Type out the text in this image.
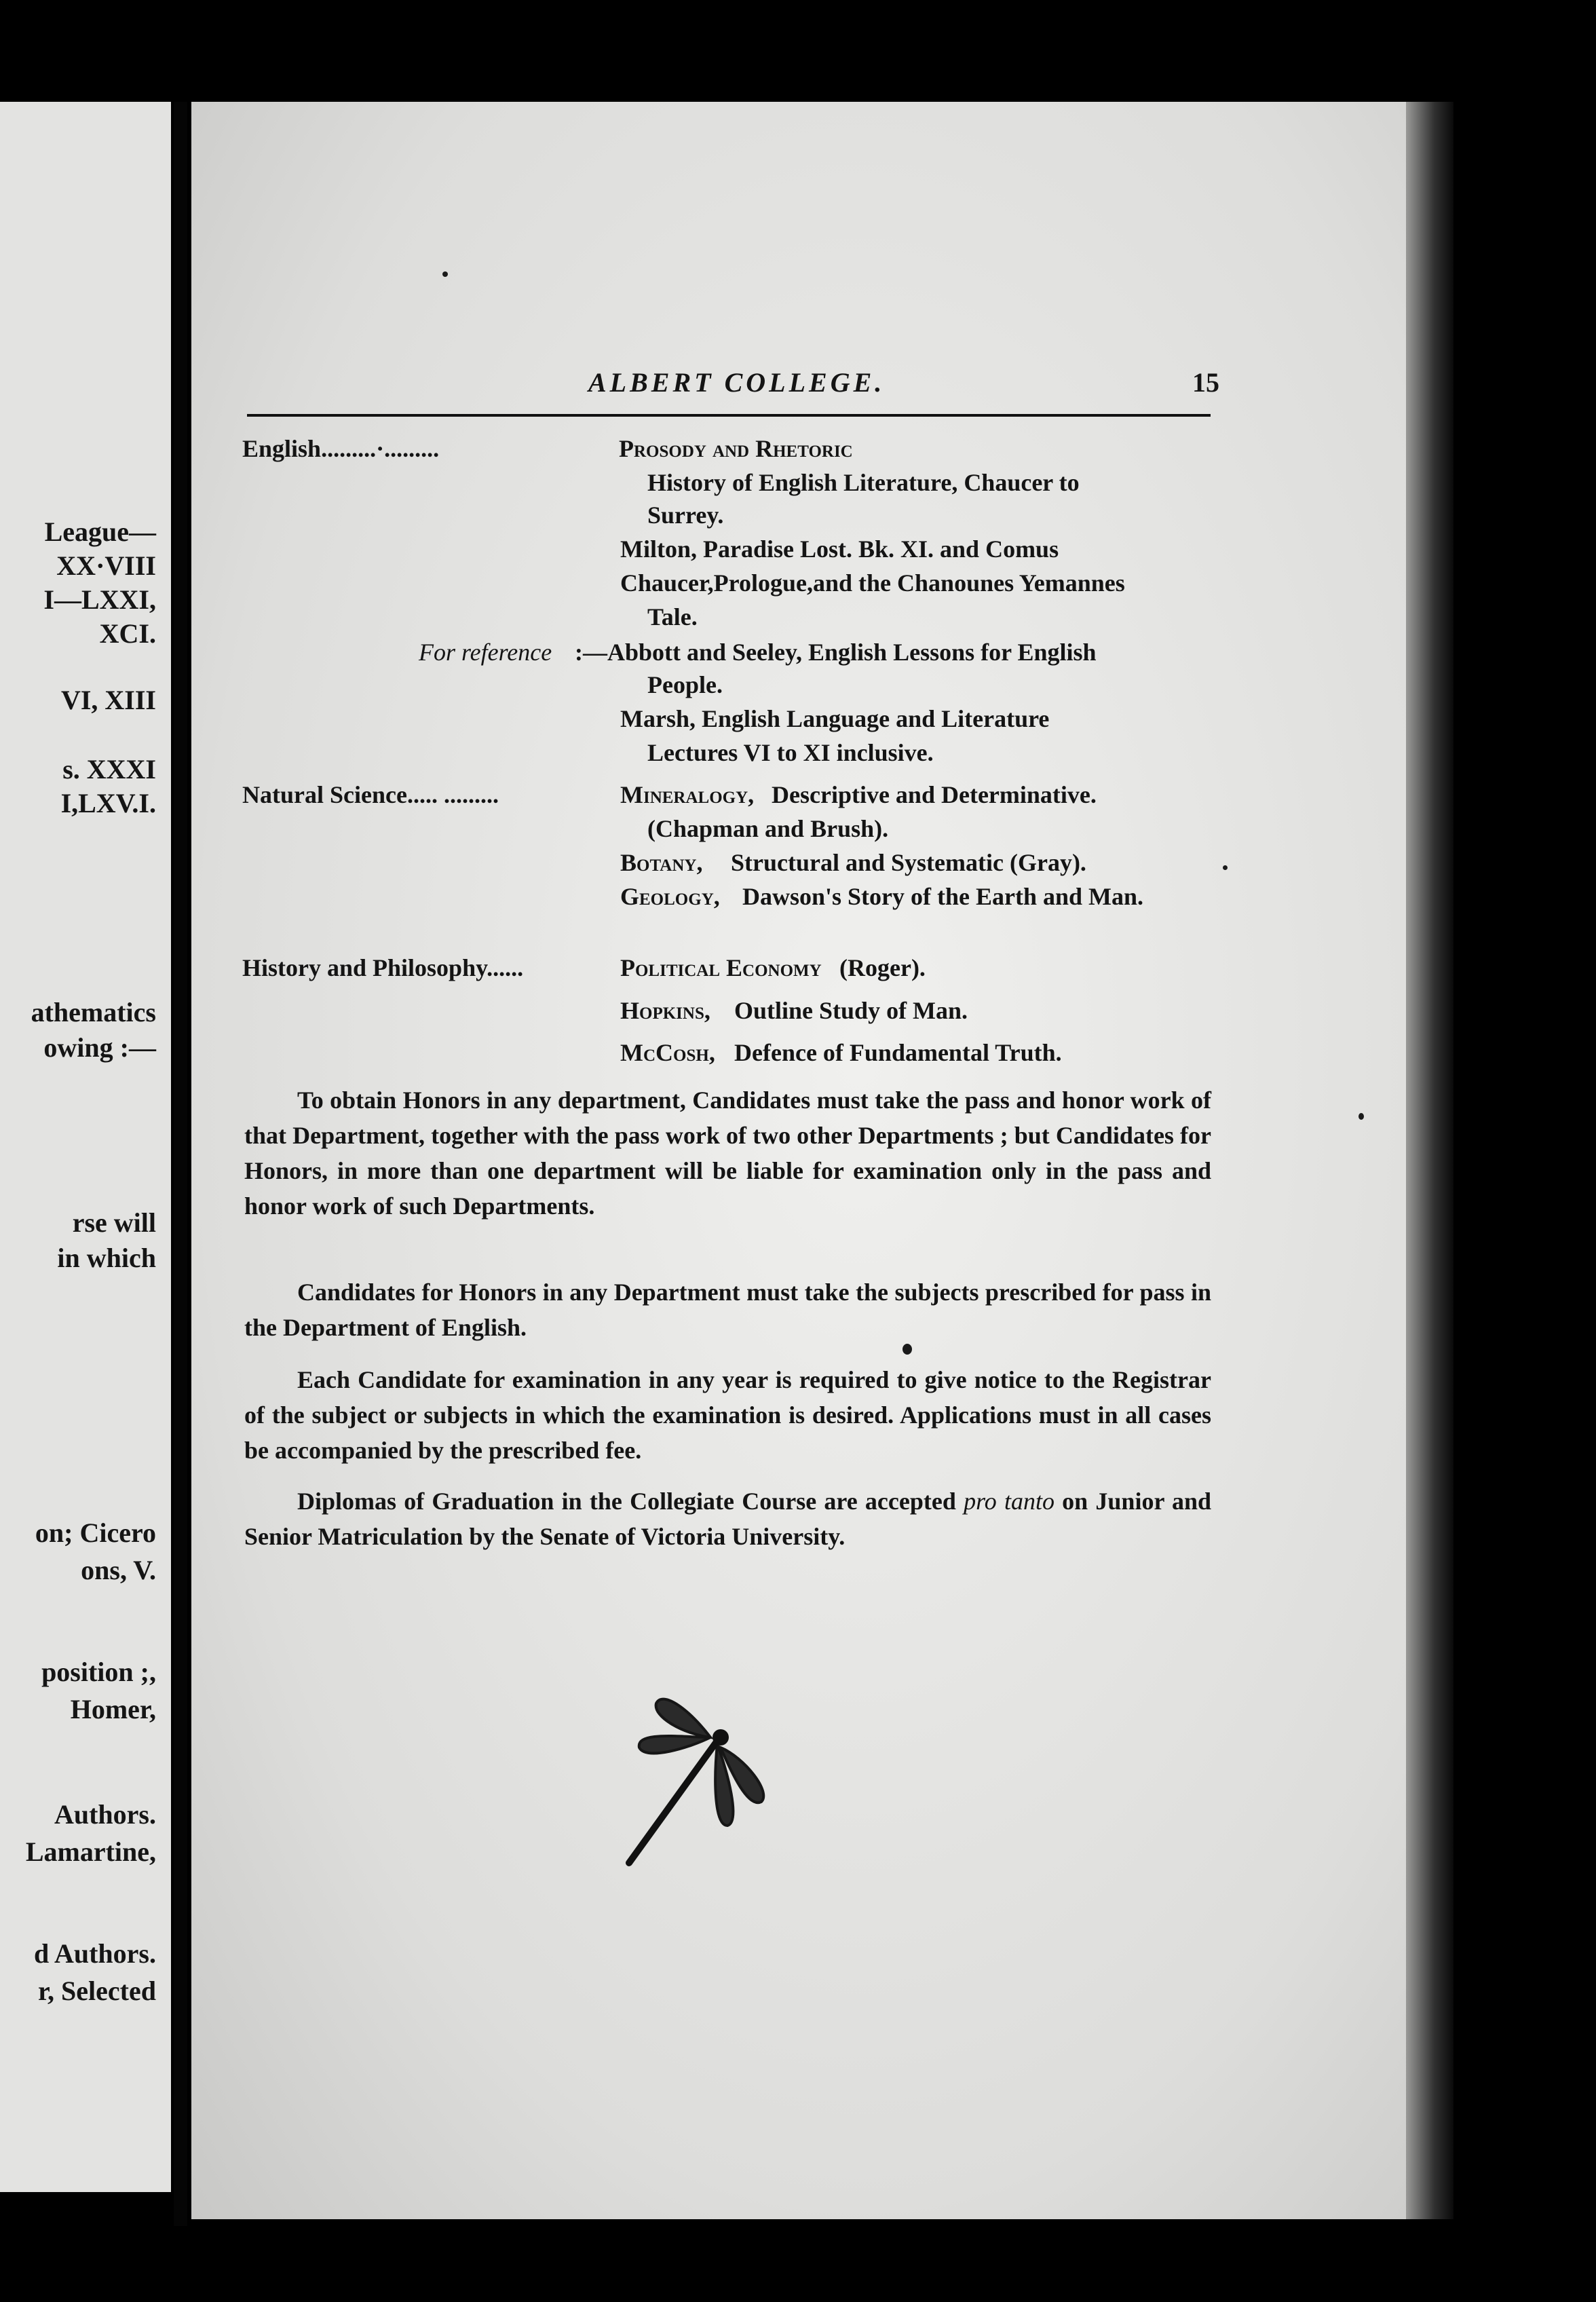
League—
XX·VIII
I—LXXI,
XCI.
VI, XIII
s. XXXI
I,LXV.I.
athematics
owing :—
rse will
in which
on; Cicero
ons, V.
position ;,
Homer,
Authors.
Lamartine,
d Authors.
r, Selected
ALBERT COLLEGE.	15
English.........·.........	Prosody and Rhetoric
History of English Literature, Chaucer to
Surrey.
Milton, Paradise Lost. Bk. XI. and Comus
Chaucer,Prologue,and the Chanounes Yemannes
Tale.
For reference :—Abbott and Seeley, English Lessons for English
People.
Marsh, English Language and Literature
Lectures VI to XI inclusive.
Natural Science..... .........	Mineralogy, Descriptive and Determinative.
(Chapman and Brush).
Botany, Structural and Systematic (Gray).
Geology, Dawson's Story of the Earth and Man.
History and Philosophy......	Political Economy (Roger).
Hopkins, Outline Study of Man.
McCosh, Defence of Fundamental Truth.
To obtain Honors in any department, Candidates must take the pass and honor work of that Department, together with the pass work of two other Departments ; but Candidates for Honors, in more than one department will be liable for examination only in the pass and honor work of such Departments.
Candidates for Honors in any Department must take the subjects prescribed for pass in the Department of English.
Each Candidate for examination in any year is required to give notice to the Registrar of the subject or subjects in which the examination is desired. Applications must in all cases be accompanied by the prescribed fee.
Diplomas of Graduation in the Collegiate Course are accepted pro tanto on Junior and Senior Matriculation by the Senate of Victoria University.
